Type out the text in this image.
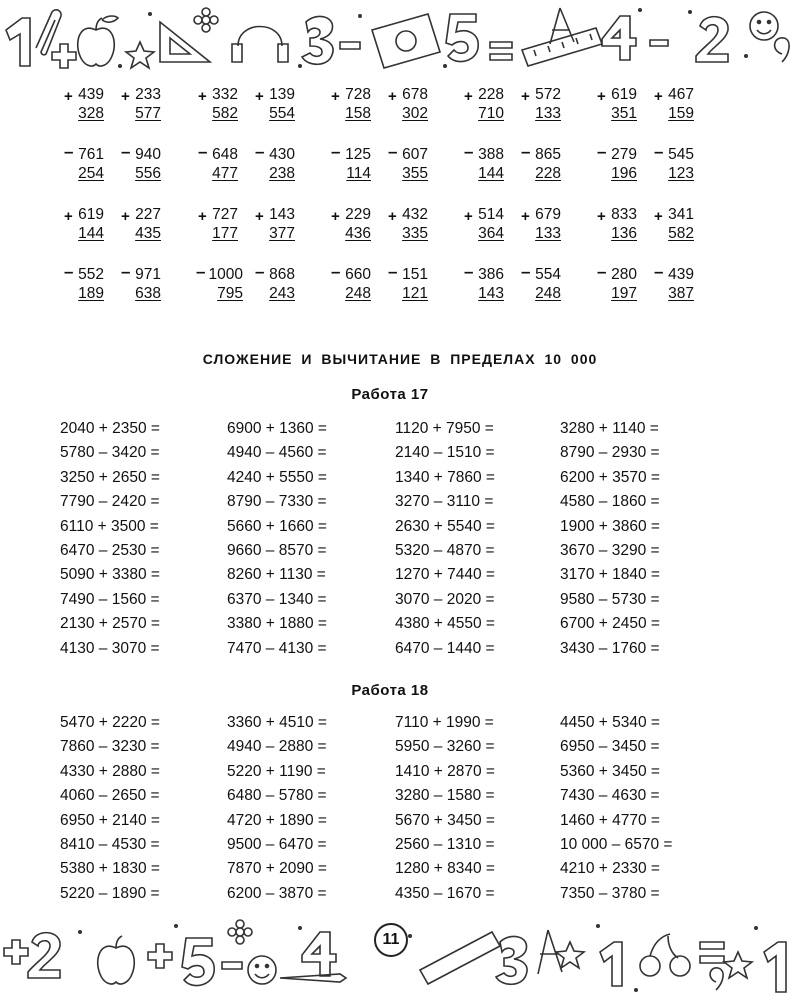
+ 439
328
+ 233
577
+ 332
582
+ 139
554
+ 728
158
+ 678
302
+ 228
710
+ 572
133
+ 619
351
+ 467
159
– 761
254
– 940
556
– 648
477
– 430
238
– 125
114
– 607
355
– 388
144
– 865
228
– 279
196
– 545
123
+ 619
144
+ 227
435
+ 727
177
+ 143
377
+ 229
436
+ 432
335
+ 514
364
+ 679
133
+ 833
136
+ 341
582
– 552
189
– 971
638
– 1000
795
– 868
243
– 660
248
– 151
121
– 386
143
– 554
248
– 280
197
– 439
387
СЛОЖЕНИЕ И ВЫЧИТАНИЕ В ПРЕДЕЛАХ 10 000
Работа 17
2040 + 2350 =
5780 – 3420 =
3250 + 2650 =
7790 – 2420 =
6110 + 3500 =
6470 – 2530 =
5090 + 3380 =
7490 – 1560 =
2130 + 2570 =
4130 – 3070 =
6900 + 1360 =
4940 – 4560 =
4240 + 5550 =
8790 – 7330 =
5660 + 1660 =
9660 – 8570 =
8260 + 1130 =
6370 – 1340 =
3380 + 1880 =
7470 – 4130 =
1120 + 7950 =
2140 – 1510 =
1340 + 7860 =
3270 – 3110 =
2630 + 5540 =
5320 – 4870 =
1270 + 7440 =
3070 – 2020 =
4380 + 4550 =
6470 – 1440 =
3280 + 1140 =
8790 – 2930 =
6200 + 3570 =
4580 – 1860 =
1900 + 3860 =
3670 – 3290 =
3170 + 1840 =
9580 – 5730 =
6700 + 2450 =
3430 – 1760 =
Работа 18
5470 + 2220 =
7860 – 3230 =
4330 + 2880 =
4060 – 2650 =
6950 + 2140 =
8410 – 4530 =
5380 + 1830 =
5220 – 1890 =
3360 + 4510 =
4940 – 2880 =
5220 + 1190 =
6480 – 5780 =
4720 + 1890 =
9500 – 6470 =
7870 + 2090 =
6200 – 3870 =
7110 + 1990 =
5950 – 3260 =
1410 + 2870 =
3280 – 1580 =
5670 + 3450 =
2560 – 1310 =
1280 + 8340 =
4350 – 1670 =
4450 + 5340 =
6950 – 3450 =
5360 + 3450 =
7430 – 4630 =
1460 + 4770 =
10 000 – 6570 =
4210 + 2330 =
7350 – 3780 =
11
